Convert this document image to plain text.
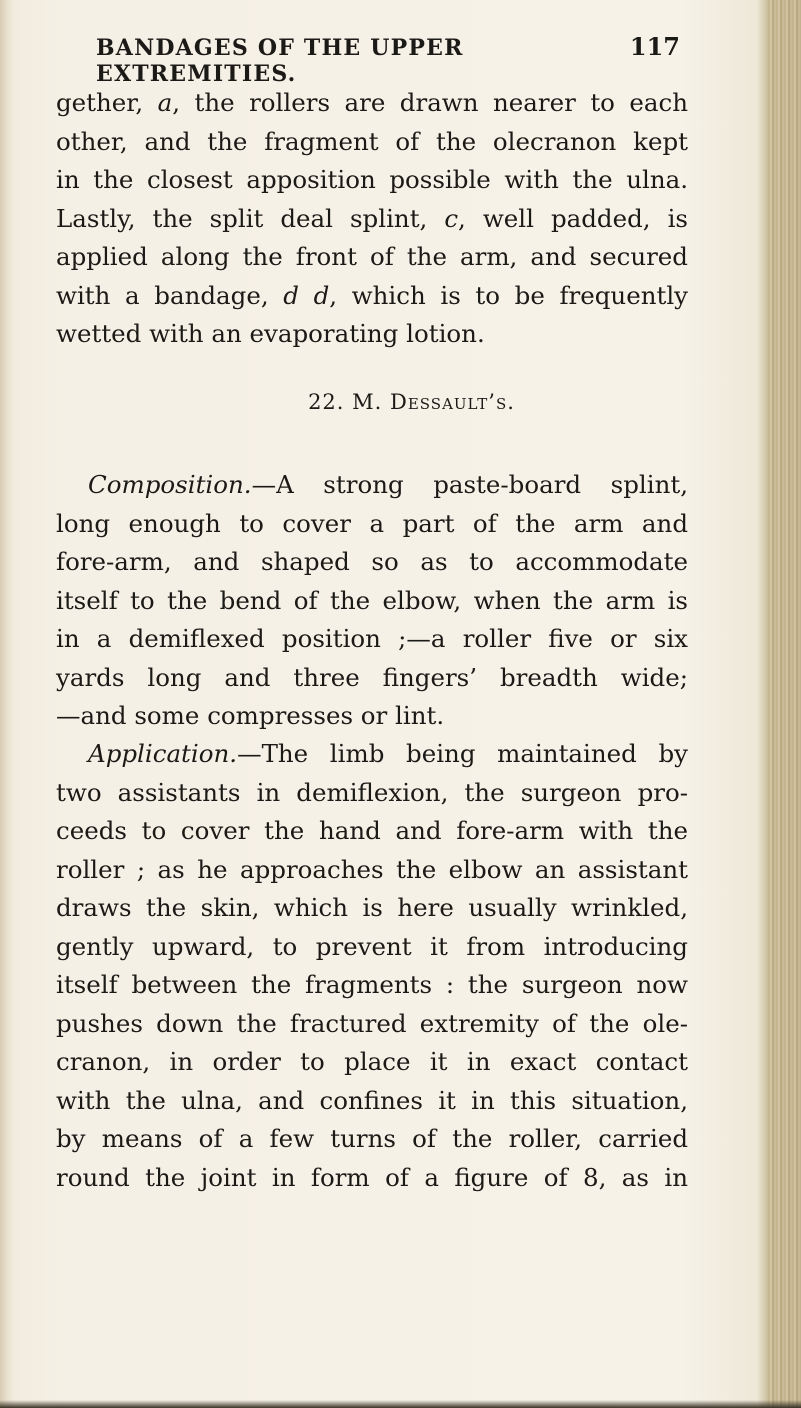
BANDAGES OF THE UPPER EXTREMITIES.
117
gether, a, the rollers are drawn nearer to each
other, and the fragment of the olecranon kept
in the closest apposition possible with the ulna.
Lastly, the split deal splint, c, well padded, is
applied along the front of the arm, and secured
with a bandage, d d, which is to be frequently
wetted with an evaporating lotion.
22. M. Dessault’s.
Composition.—A strong paste-board splint,
long enough to cover a part of the arm and
fore-arm, and shaped so as to accommodate
itself to the bend of the elbow, when the arm is
in a demiflexed position ;—a roller five or six
yards long and three fingers’ breadth wide;
—and some compresses or lint.
Application.—The limb being maintained by
two assistants in demiflexion, the surgeon pro-
ceeds to cover the hand and fore-arm with the
roller ; as he approaches the elbow an assistant
draws the skin, which is here usually wrinkled,
gently upward, to prevent it from introducing
itself between the fragments : the surgeon now
pushes down the fractured extremity of the ole-
cranon, in order to place it in exact contact
with the ulna, and confines it in this situation,
by means of a few turns of the roller, carried
round the joint in form of a figure of 8, as in
